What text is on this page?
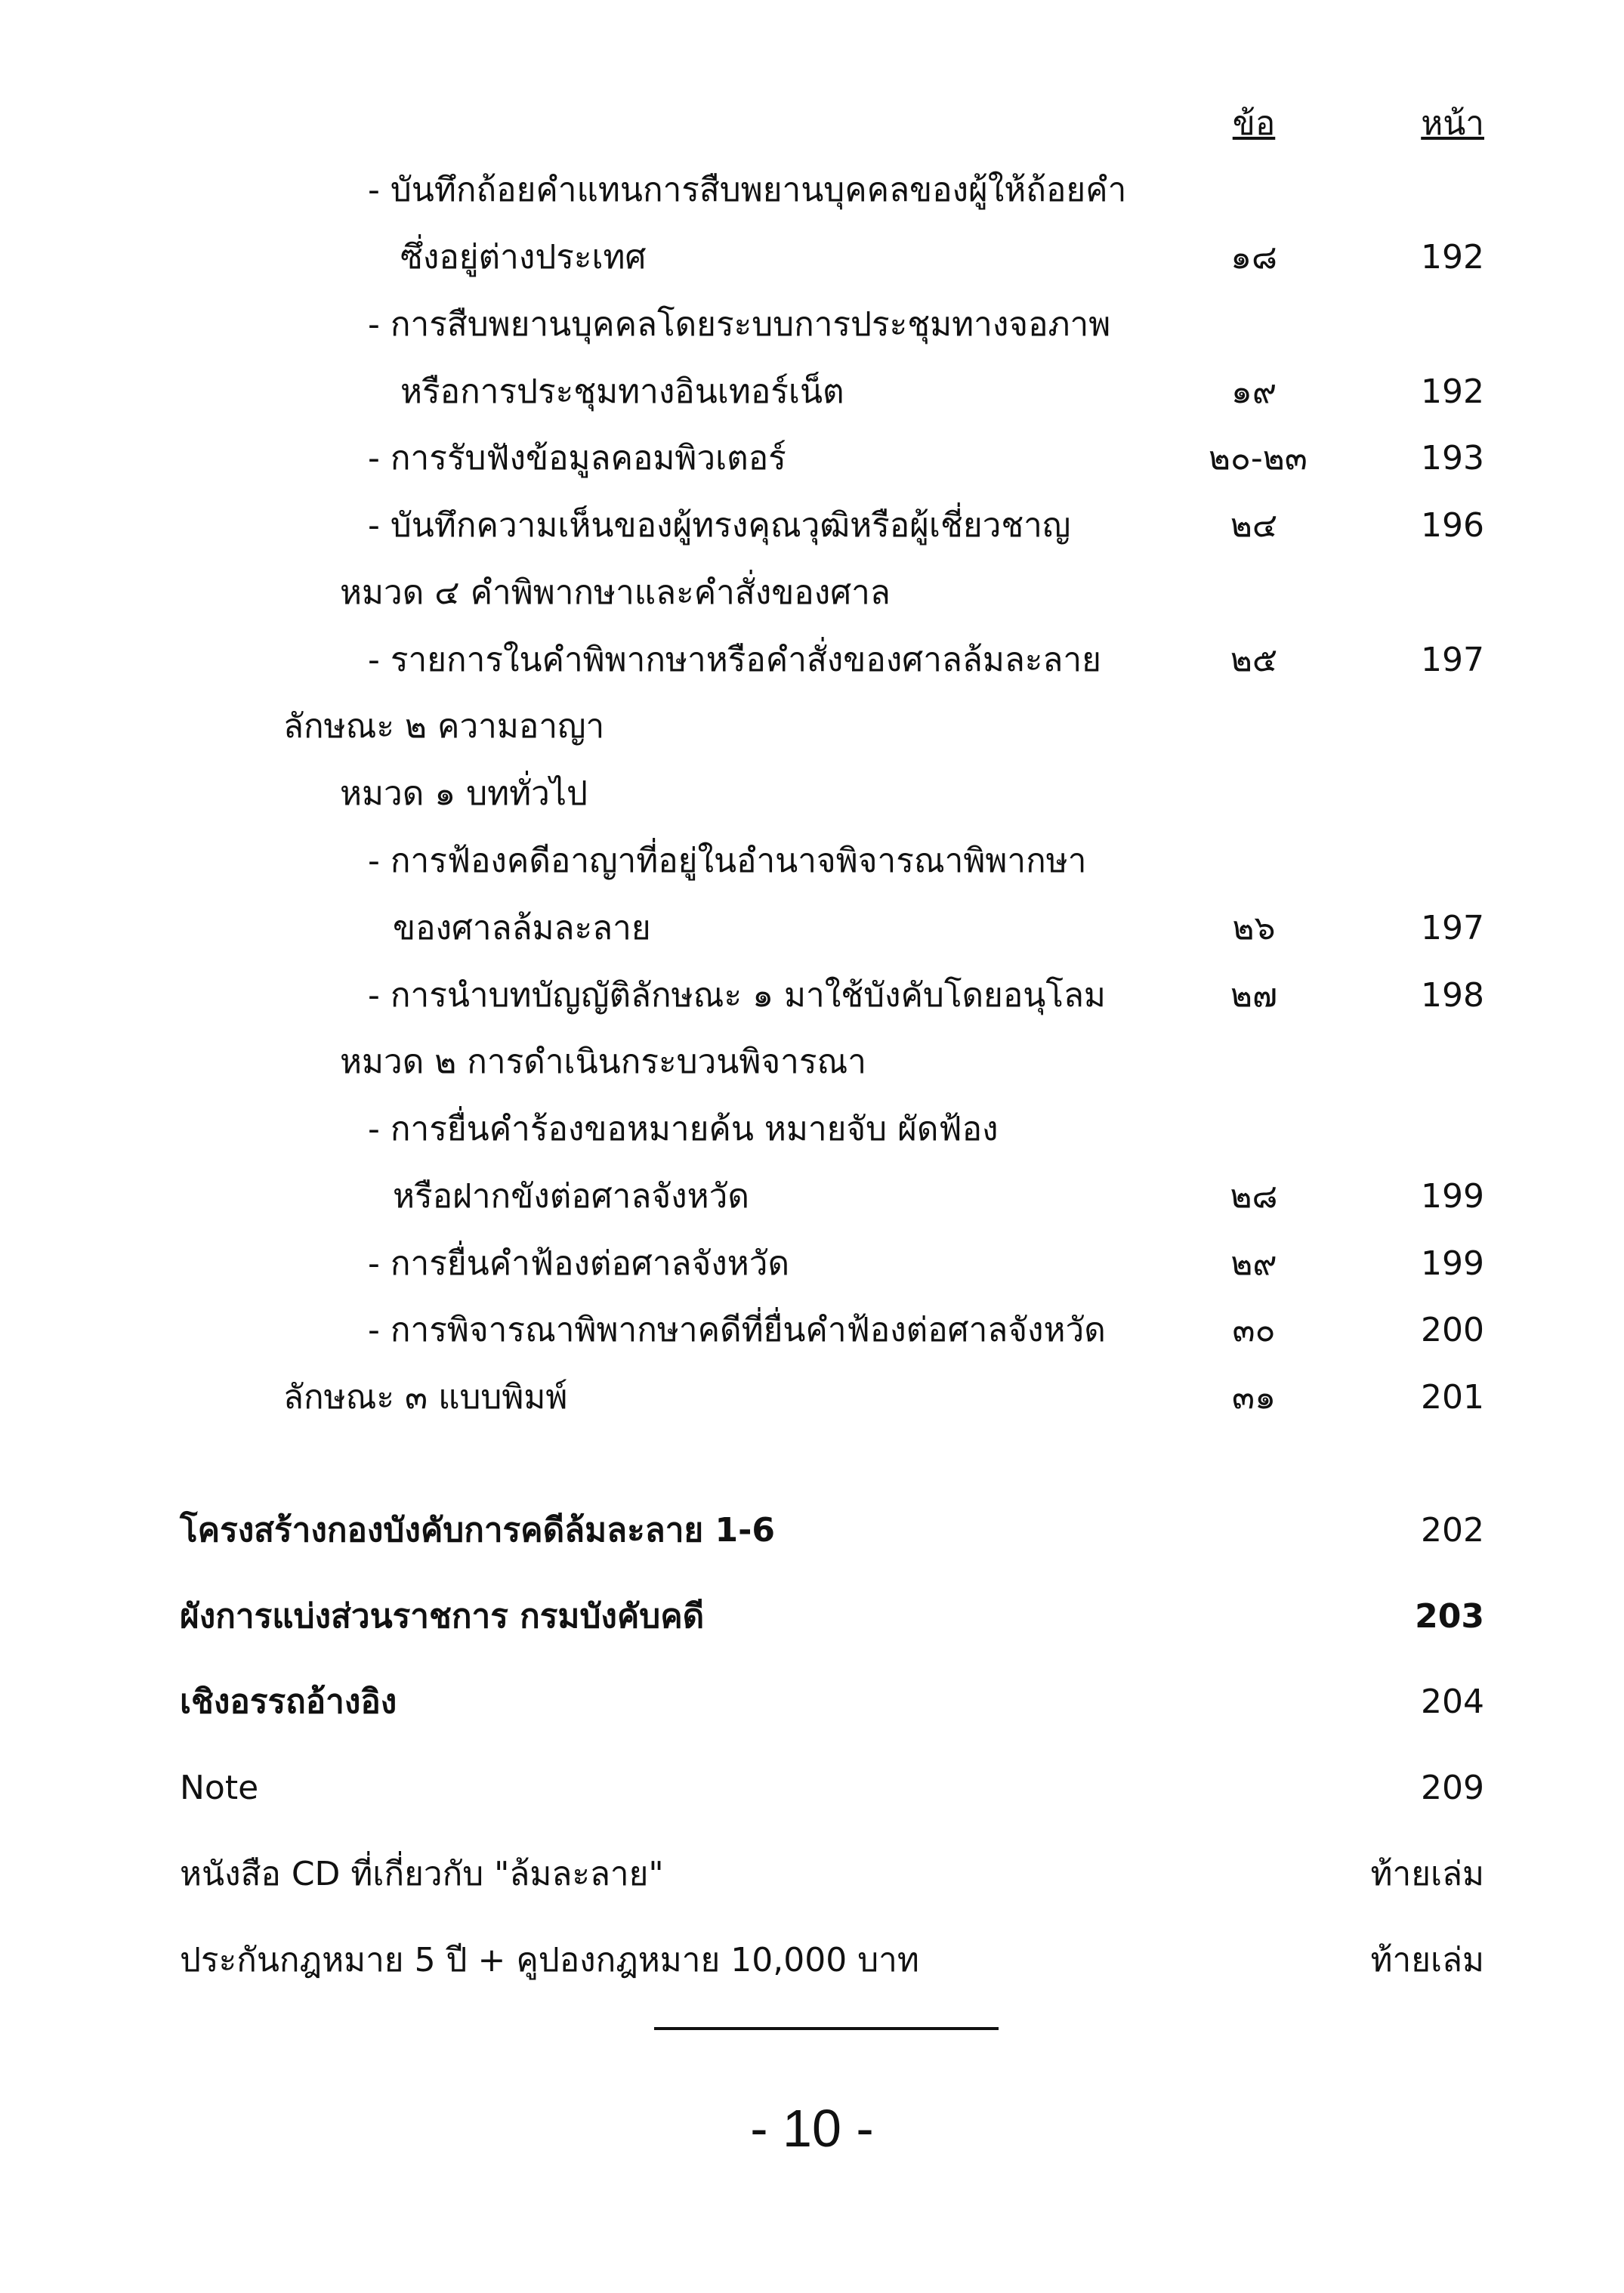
ข้อ	หน้า
- บันทึกถ้อยคำแทนการสืบพยานบุคคลของผู้ให้ถ้อยคำ
ซึ่งอยู่ต่างประเทศ	๑๘	192
- การสืบพยานบุคคลโดยระบบการประชุมทางจอภาพ
หรือการประชุมทางอินเทอร์เน็ต	๑๙	192
- การรับฟังข้อมูลคอมพิวเตอร์	๒๐-๒๓	193
- บันทึกความเห็นของผู้ทรงคุณวุฒิหรือผู้เชี่ยวชาญ	๒๔	196
หมวด ๔ คำพิพากษาและคำสั่งของศาล
- รายการในคำพิพากษาหรือคำสั่งของศาลล้มละลาย	๒๕	197
ลักษณะ ๒ ความอาญา
หมวด ๑ บททั่วไป
- การฟ้องคดีอาญาที่อยู่ในอำนาจพิจารณาพิพากษา
ของศาลล้มละลาย	๒๖	197
- การนำบทบัญญัติลักษณะ ๑ มาใช้บังคับโดยอนุโลม	๒๗	198
หมวด ๒ การดำเนินกระบวนพิจารณา
- การยื่นคำร้องขอหมายค้น หมายจับ ผัดฟ้อง
หรือฝากขังต่อศาลจังหวัด	๒๘	199
- การยื่นคำฟ้องต่อศาลจังหวัด	๒๙	199
- การพิจารณาพิพากษาคดีที่ยื่นคำฟ้องต่อศาลจังหวัด	๓๐	200
ลักษณะ ๓ แบบพิมพ์	๓๑	201
โครงสร้างกองบังคับการคดีล้มละลาย 1-6	202
ผังการแบ่งส่วนราชการ กรมบังคับคดี	203
เชิงอรรถอ้างอิง	204
Note	209
หนังสือ CD ที่เกี่ยวกับ "ล้มละลาย"	ท้ายเล่ม
ประกันกฎหมาย 5 ปี + คูปองกฎหมาย 10,000 บาท	ท้ายเล่ม
- 10 -
